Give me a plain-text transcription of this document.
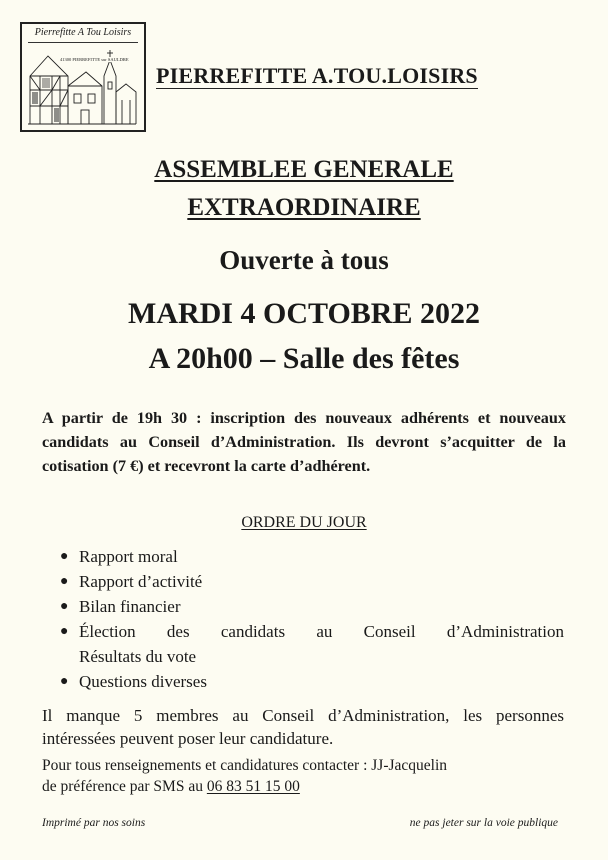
Pierrefitte A Tou Loisirs
41300 PIERREFITTE sur SAULDRE
PIERREFITTE A.TOU.LOISIRS
ASSEMBLEE GENERALE
EXTRAORDINAIRE
Ouverte à tous
MARDI 4 OCTOBRE 2022
A 20h00 – Salle des fêtes
A partir de 19h 30 : inscription des nouveaux adhérents et nouveaux candidats au Conseil d’Administration. Ils devront s’acquitter de la cotisation (7 €) et recevront la carte d’adhérent.
ORDRE DU JOUR
● Rapport moral
● Rapport d’activité
● Bilan financier
● Élection des candidats au Conseil d’Administration
Résultats du vote
● Questions diverses
Il manque 5 membres au Conseil d’Administration, les personnes intéressées peuvent poser leur candidature.
Pour tous renseignements et candidatures contacter : JJ-Jacquelin
de préférence par SMS au 06 83 51 15 00
Imprimé par nos soins	ne pas jeter sur la voie publique
